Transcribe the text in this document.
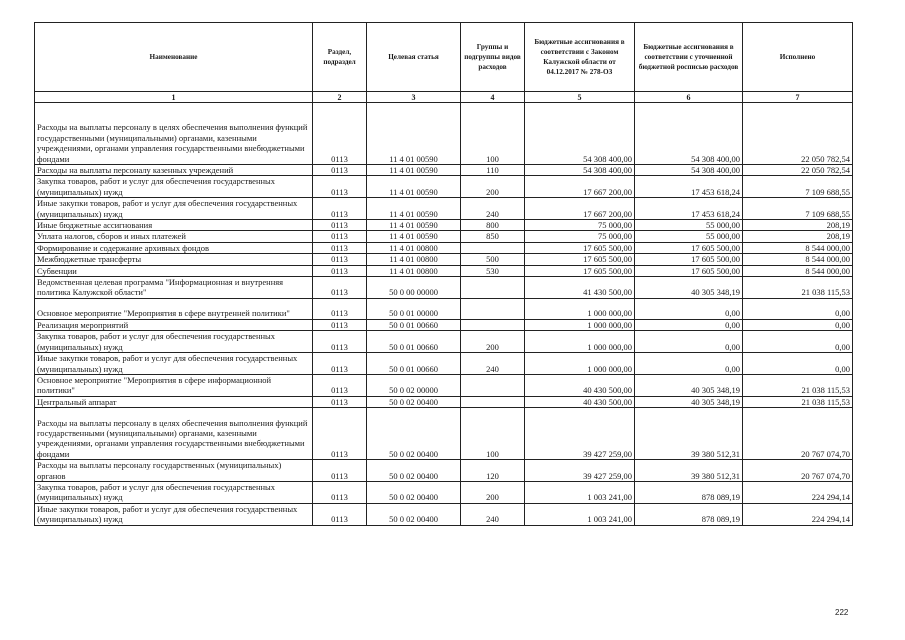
Наименование	Раздел, подраздел	Целевая статья	Группы и подгруппы видов расходов	Бюджетные ассигнования в соответствии с Законом Калужской области от 04.12.2017 № 278-ОЗ	Бюджетные ассигнования в соответствии с уточненной бюджетной росписью расходов	Исполнено
1	2	3	4	5	6	7
Расходы на выплаты персоналу в целях обеспечения выполнения функций государственными (муниципальными) органами, казенными учреждениями, органами управления государственными внебюджетными фондами	0113	11 4 01 00590	100	54 308 400,00	54 308 400,00	22 050 782,54
Расходы на выплаты персоналу казенных учреждений	0113	11 4 01 00590	110	54 308 400,00	54 308 400,00	22 050 782,54
Закупка товаров, работ и услуг для обеспечения государственных (муниципальных) нужд	0113	11 4 01 00590	200	17 667 200,00	17 453 618,24	7 109 688,55
Иные закупки товаров, работ и услуг для обеспечения государственных (муниципальных) нужд	0113	11 4 01 00590	240	17 667 200,00	17 453 618,24	7 109 688,55
Иные бюджетные ассигнования	0113	11 4 01 00590	800	75 000,00	55 000,00	208,19
Уплата налогов, сборов и иных платежей	0113	11 4 01 00590	850	75 000,00	55 000,00	208,19
Формирование и содержание архивных фондов	0113	11 4 01 00800		17 605 500,00	17 605 500,00	8 544 000,00
Межбюджетные трансферты	0113	11 4 01 00800	500	17 605 500,00	17 605 500,00	8 544 000,00
Субвенции	0113	11 4 01 00800	530	17 605 500,00	17 605 500,00	8 544 000,00
Ведомственная целевая программа "Информационная и внутренняя политика Калужской области"	0113	50 0 00 00000		41 430 500,00	40 305 348,19	21 038 115,53
Основное мероприятие "Мероприятия в сфере внутренней политики"	0113	50 0 01 00000		1 000 000,00	0,00	0,00
Реализация мероприятий	0113	50 0 01 00660		1 000 000,00	0,00	0,00
Закупка товаров, работ и услуг для обеспечения государственных (муниципальных) нужд	0113	50 0 01 00660	200	1 000 000,00	0,00	0,00
Иные закупки товаров, работ и услуг для обеспечения государственных (муниципальных) нужд	0113	50 0 01 00660	240	1 000 000,00	0,00	0,00
Основное мероприятие "Мероприятия в сфере информационной политики"	0113	50 0 02 00000		40 430 500,00	40 305 348,19	21 038 115,53
Центральный аппарат	0113	50 0 02 00400		40 430 500,00	40 305 348,19	21 038 115,53
Расходы на выплаты персоналу в целях обеспечения выполнения функций государственными (муниципальными) органами, казенными учреждениями, органами управления государственными внебюджетными фондами	0113	50 0 02 00400	100	39 427 259,00	39 380 512,31	20 767 074,70
Расходы на выплаты персоналу государственных (муниципальных) органов	0113	50 0 02 00400	120	39 427 259,00	39 380 512,31	20 767 074,70
Закупка товаров, работ и услуг для обеспечения государственных (муниципальных) нужд	0113	50 0 02 00400	200	1 003 241,00	878 089,19	224 294,14
Иные закупки товаров, работ и услуг для обеспечения государственных (муниципальных) нужд	0113	50 0 02 00400	240	1 003 241,00	878 089,19	224 294,14
222
